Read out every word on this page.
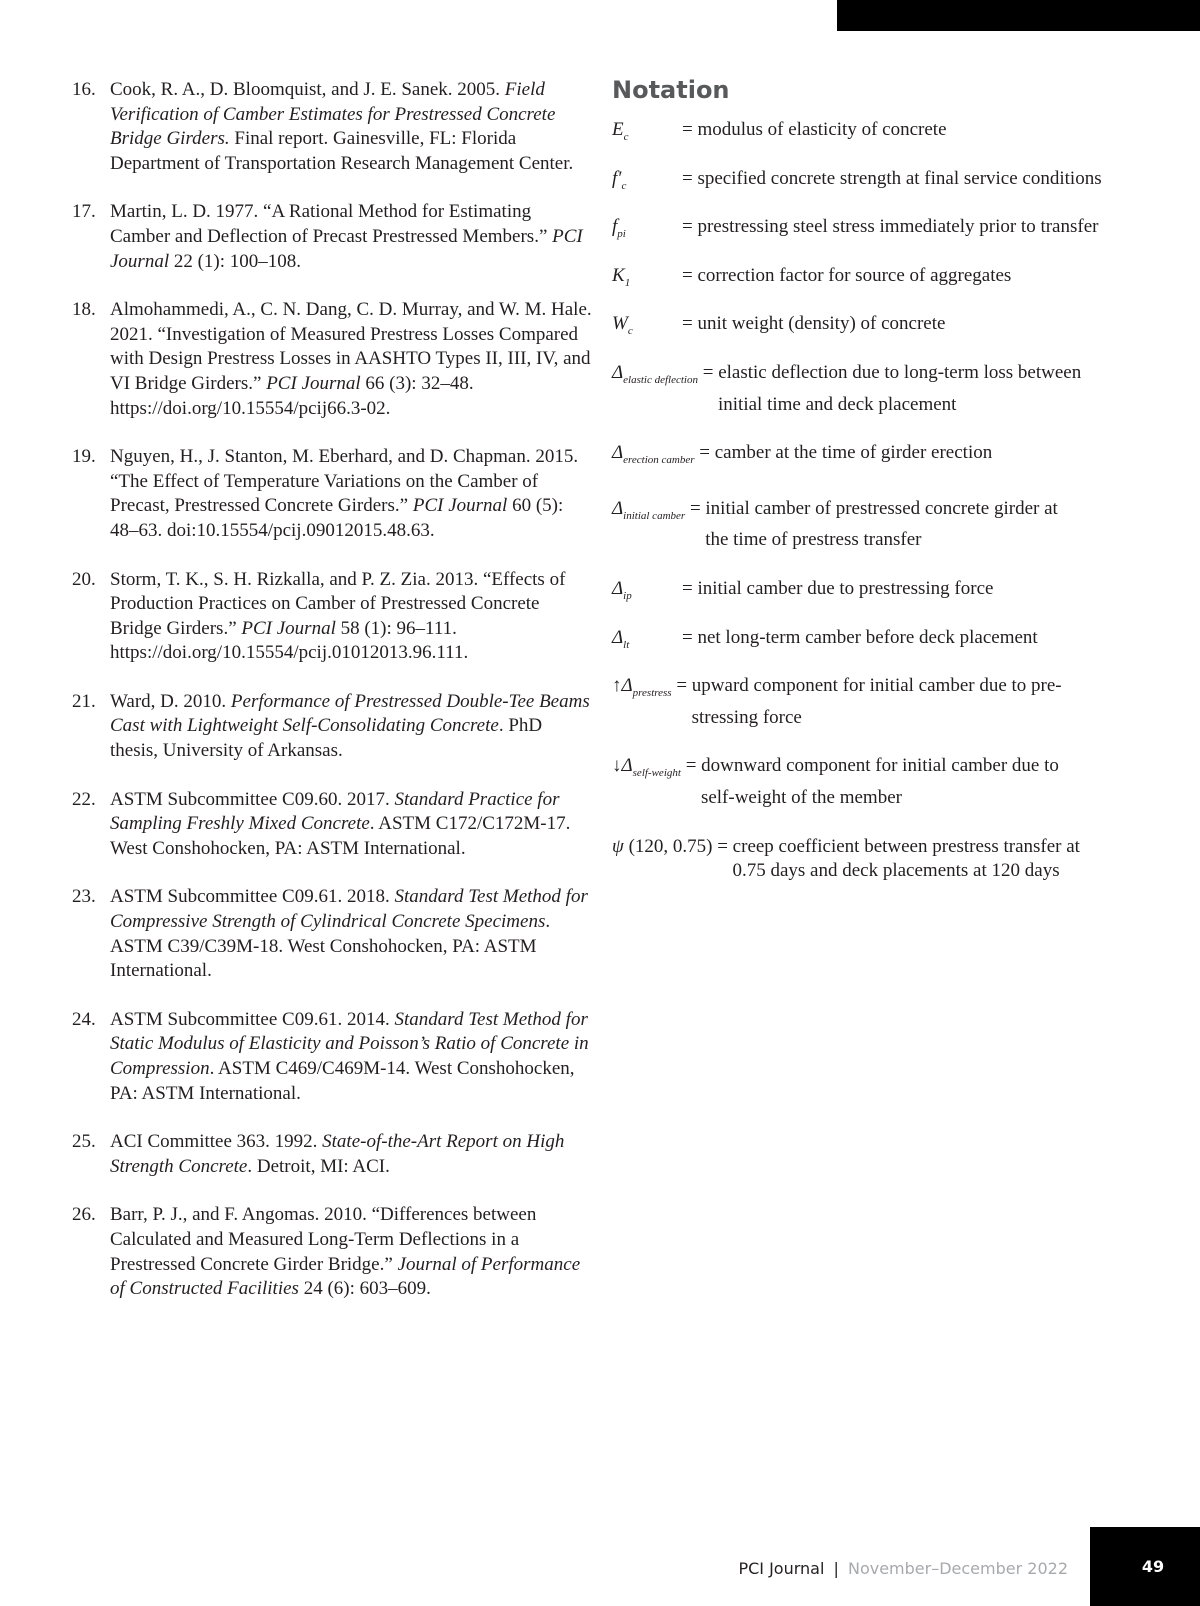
16. Cook, R. A., D. Bloomquist, and J. E. Sanek. 2005. Field Verification of Camber Estimates for Prestressed Concrete Bridge Girders. Final report. Gainesville, FL: Florida Department of Transportation Research Management Center.
17. Martin, L. D. 1977. “A Rational Method for Estimating Camber and Deflection of Precast Prestressed Members.” PCI Journal 22 (1): 100–108.
18. Almohammedi, A., C. N. Dang, C. D. Murray, and W. M. Hale. 2021. “Investigation of Measured Prestress Losses Compared with Design Prestress Losses in AASHTO Types II, III, IV, and VI Bridge Girders.” PCI Journal 66 (3): 32–48. https://doi.org/10.15554/pcij66.3-02.
19. Nguyen, H., J. Stanton, M. Eberhard, and D. Chapman. 2015. “The Effect of Temperature Variations on the Camber of Precast, Prestressed Concrete Girders.” PCI Journal 60 (5): 48–63. doi:10.15554/pcij.09012015.48.63.
20. Storm, T. K., S. H. Rizkalla, and P. Z. Zia. 2013. “Effects of Production Practices on Camber of Prestressed Concrete Bridge Girders.” PCI Journal 58 (1): 96–111. https://doi.org/10.15554/pcij.01012013.96.111.
21. Ward, D. 2010. Performance of Prestressed Double-Tee Beams Cast with Lightweight Self-Consolidating Concrete. PhD thesis, University of Arkansas.
22. ASTM Subcommittee C09.60. 2017. Standard Practice for Sampling Freshly Mixed Concrete. ASTM C172/C172M-17. West Conshohocken, PA: ASTM International.
23. ASTM Subcommittee C09.61. 2018. Standard Test Method for Compressive Strength of Cylindrical Concrete Specimens. ASTM C39/C39M-18. West Conshohocken, PA: ASTM International.
24. ASTM Subcommittee C09.61. 2014. Standard Test Method for Static Modulus of Elasticity and Poisson’s Ratio of Concrete in Compression. ASTM C469/C469M-14. West Conshohocken, PA: ASTM International.
25. ACI Committee 363. 1992. State-of-the-Art Report on High Strength Concrete. Detroit, MI: ACI.
26. Barr, P. J., and F. Angomas. 2010. “Differences between Calculated and Measured Long-Term Deflections in a Prestressed Concrete Girder Bridge.” Journal of Performance of Constructed Facilities 24 (6): 603–609.
Notation
$E_c$	= modulus of elasticity of concrete
$f'_c$	= specified concrete strength at final service conditions
$f_{pi}$	= prestressing steel stress immediately prior to transfer
$K_1$	= correction factor for source of aggregates
$W_c$	= unit weight (density) of concrete
$\Delta_{elastic deflection}$ = elastic deflection due to long-term loss between
initial time and deck placement
$\Delta_{erection camber}$ = camber at the time of girder erection
$\Delta_{initial camber}$ = initial camber of prestressed concrete girder at
the time of prestress transfer
$\Delta_{ip}$	= initial camber due to prestressing force
$\Delta_{lt}$	= net long-term camber before deck placement
$↑\Delta_{prestress}$ = upward component for initial camber due to pre-
stressing force
$↓\Delta_{self-weight}$ = downward component for initial camber due to
self-weight of the member
ψ (120, 0.75) = creep coefficient between prestress transfer at
0.75 days and deck placements at 120 days
PCI Journal | November–December 2022	49
